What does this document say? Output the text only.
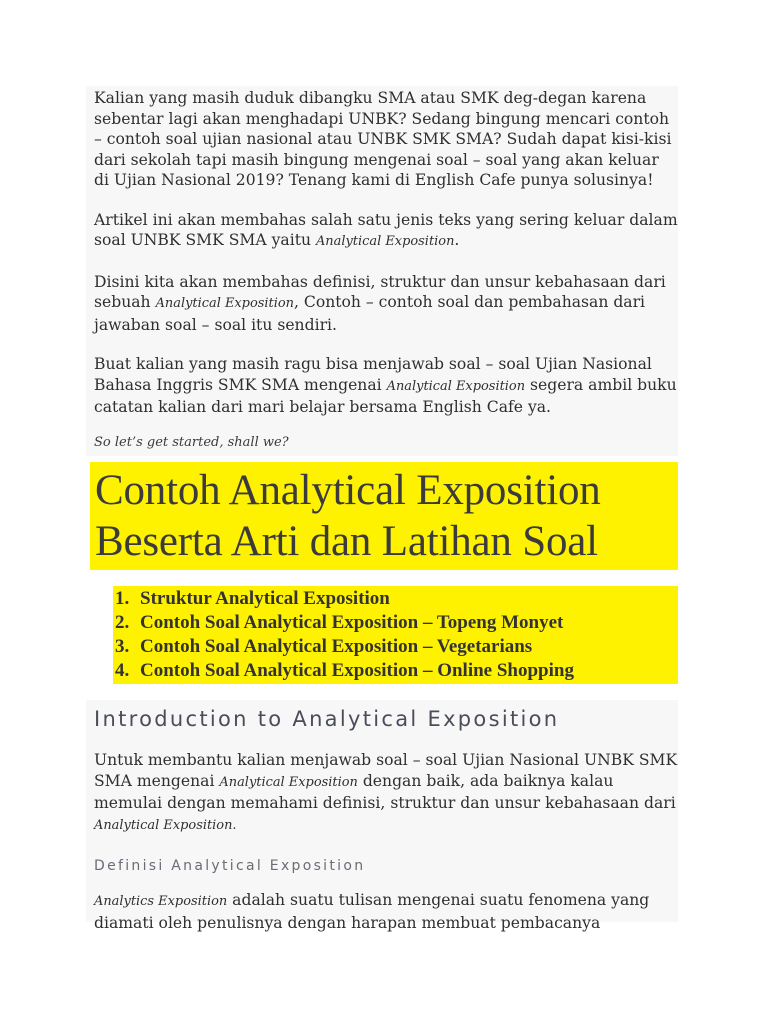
Kalian yang masih duduk dibangku SMA atau SMK deg-degan karena sebentar lagi akan menghadapi UNBK? Sedang bingung mencari contoh – contoh soal ujian nasional atau UNBK SMK SMA? Sudah dapat kisi-kisi dari sekolah tapi masih bingung mengenai soal – soal yang akan keluar di Ujian Nasional 2019? Tenang kami di English Cafe punya solusinya!

Artikel ini akan membahas salah satu jenis teks yang sering keluar dalam soal UNBK SMK SMA yaitu Analytical Exposition.

Disini kita akan membahas definisi, struktur dan unsur kebahasaan dari sebuah Analytical Exposition, Contoh – contoh soal dan pembahasan dari jawaban soal – soal itu sendiri.

Buat kalian yang masih ragu bisa menjawab soal – soal Ujian Nasional Bahasa Inggris SMK SMA mengenai Analytical Exposition segera ambil buku catatan kalian dari mari belajar bersama English Cafe ya.

So let’s get started, shall we?

Contoh Analytical Exposition
Beserta Arti dan Latihan Soal
1. Struktur Analytical Exposition
2. Contoh Soal Analytical Exposition – Topeng Monyet
3. Contoh Soal Analytical Exposition – Vegetarians
4. Contoh Soal Analytical Exposition – Online Shopping
Introduction to Analytical Exposition

Untuk membantu kalian menjawab soal – soal Ujian Nasional UNBK SMK SMA mengenai Analytical Exposition dengan baik, ada baiknya kalau memulai dengan memahami definisi, struktur dan unsur kebahasaan dari Analytical Exposition.

Definisi Analytical Exposition

Analytics Exposition adalah suatu tulisan mengenai suatu fenomena yang diamati oleh penulisnya dengan harapan membuat pembacanya
